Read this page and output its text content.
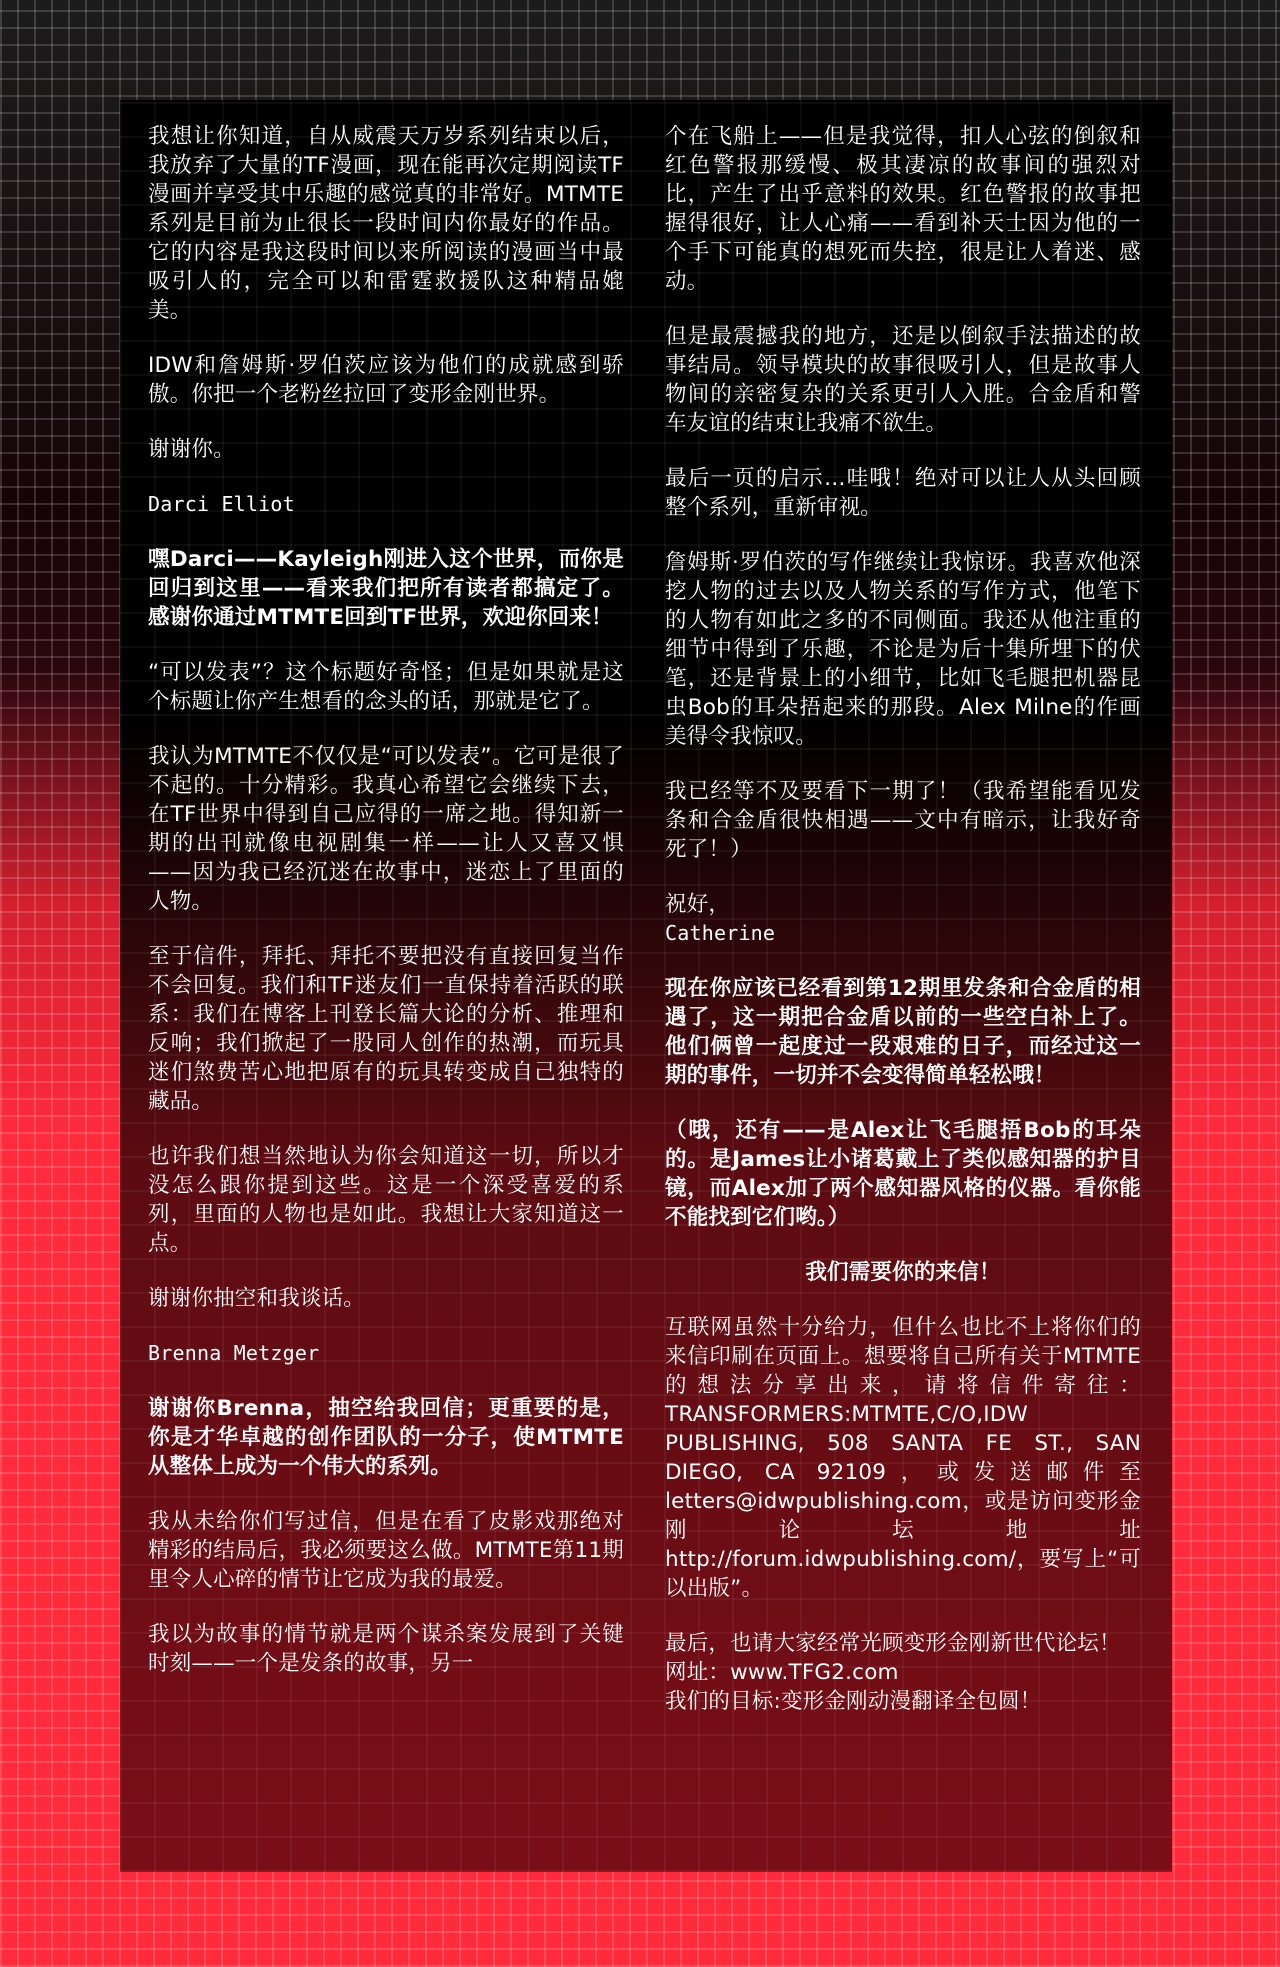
我想让你知道，自从威震天万岁系列结束以后，我放弃了大量的TF漫画，现在能再次定期阅读TF漫画并享受其中乐趣的感觉真的非常好。MTMTE系列是目前为止很长一段时间内你最好的作品。它的内容是我这段时间以来所阅读的漫画当中最吸引人的，完全可以和雷霆救援队这种精品媲美。

IDW和詹姆斯·罗伯茨应该为他们的成就感到骄傲。你把一个老粉丝拉回了变形金刚世界。

谢谢你。

Darci Elliot

嘿Darci——Kayleigh刚进入这个世界，而你是回归到这里——看来我们把所有读者都搞定了。感谢你通过MTMTE回到TF世界，欢迎你回来！

“可以发表”？这个标题好奇怪；但是如果就是这个标题让你产生想看的念头的话，那就是它了。

我认为MTMTE不仅仅是“可以发表”。它可是很了不起的。十分精彩。我真心希望它会继续下去，在TF世界中得到自己应得的一席之地。得知新一期的出刊就像电视剧集一样——让人又喜又惧——因为我已经沉迷在故事中，迷恋上了里面的人物。

至于信件，拜托、拜托不要把没有直接回复当作不会回复。我们和TF迷友们一直保持着活跃的联系：我们在博客上刊登长篇大论的分析、推理和反响；我们掀起了一股同人创作的热潮，而玩具迷们煞费苦心地把原有的玩具转变成自己独特的藏品。

也许我们想当然地认为你会知道这一切，所以才没怎么跟你提到这些。这是一个深受喜爱的系列，里面的人物也是如此。我想让大家知道这一点。

谢谢你抽空和我谈话。

Brenna Metzger

谢谢你Brenna，抽空给我回信；更重要的是，你是才华卓越的创作团队的一分子，使MTMTE从整体上成为一个伟大的系列。

我从未给你们写过信，但是在看了皮影戏那绝对精彩的结局后，我必须要这么做。MTMTE第11期里令人心碎的情节让它成为我的最爱。

我以为故事的情节就是两个谋杀案发展到了关键时刻——一个是发条的故事，另一

个在飞船上——但是我觉得，扣人心弦的倒叙和红色警报那缓慢、极其凄凉的故事间的强烈对比，产生了出乎意料的效果。红色警报的故事把握得很好，让人心痛——看到补天士因为他的一个手下可能真的想死而失控，很是让人着迷、感动。

但是最震撼我的地方，还是以倒叙手法描述的故事结局。领导模块的故事很吸引人，但是故事人物间的亲密复杂的关系更引人入胜。合金盾和警车友谊的结束让我痛不欲生。

最后一页的启示…哇哦！绝对可以让人从头回顾整个系列，重新审视。

詹姆斯·罗伯茨的写作继续让我惊讶。我喜欢他深挖人物的过去以及人物关系的写作方式，他笔下的人物有如此之多的不同侧面。我还从他注重的细节中得到了乐趣，不论是为后十集所埋下的伏笔，还是背景上的小细节，比如飞毛腿把机器昆虫Bob的耳朵捂起来的那段。Alex Milne的作画美得令我惊叹。

我已经等不及要看下一期了！（我希望能看见发条和合金盾很快相遇——文中有暗示，让我好奇死了！）

祝好，

Catherine

现在你应该已经看到第12期里发条和合金盾的相遇了，这一期把合金盾以前的一些空白补上了。他们俩曾一起度过一段艰难的日子，而经过这一期的事件，一切并不会变得简单轻松哦！

（哦，还有——是Alex让飞毛腿捂Bob的耳朵的。是James让小诸葛戴上了类似感知器的护目镜，而Alex加了两个感知器风格的仪器。看你能不能找到它们哟。）

我们需要你的来信！

互联网虽然十分给力，但什么也比不上将你们的来信印刷在页面上。想要将自己所有关于MTMTE的想法分享出来，请将信件寄往：TRANSFORMERS:MTMTE,C/O,IDW PUBLISHING, 508 SANTA FE ST., SAN DIEGO, CA 92109，或发送邮件至letters@idwpublishing.com，或是访问变形金刚论坛地址http://forum.idwpublishing.com/，要写上“可以出版”。

最后，也请大家经常光顾变形金刚新世代论坛！

网址：www.TFG2.com

我们的目标:变形金刚动漫翻译全包圆！
